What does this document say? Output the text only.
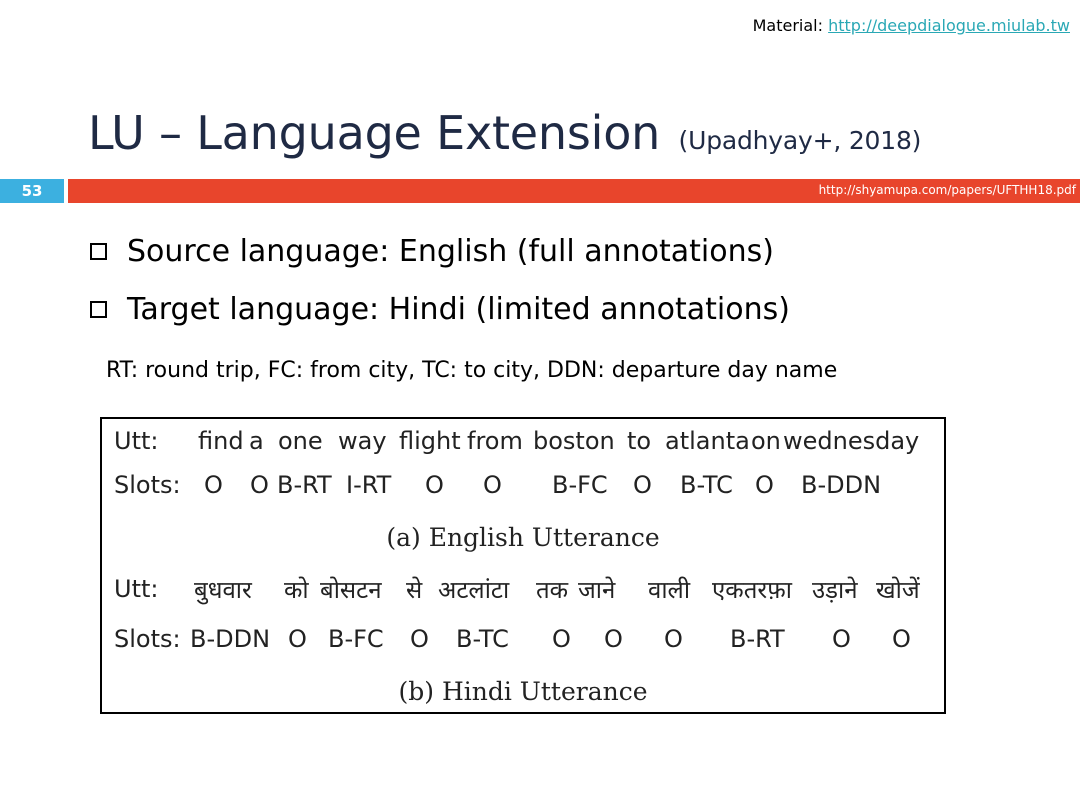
Material: http://deepdialogue.miulab.tw
LU – Language Extension (Upadhyay+, 2018)
53	http://shyamupa.com/papers/UFTHH18.pdf
Source language: English (full annotations)
Target language: Hindi (limited annotations)
RT: round trip, FC: from city, TC: to city, DDN: departure day name
Utt:
Slots:
find a one way flight from boston to atlanta on wednesday
O O B-RT I-RT O O B-FC O B-TC O B-DDN
(a) English Utterance
Utt:
Slots:
बुधवार को बोसटन से अटलांटा तक जाने वाली एकतरफ़ा उड़ाने खोजें
B-DDN O B-FC O B-TC O O O B-RT O O
(b) Hindi Utterance
